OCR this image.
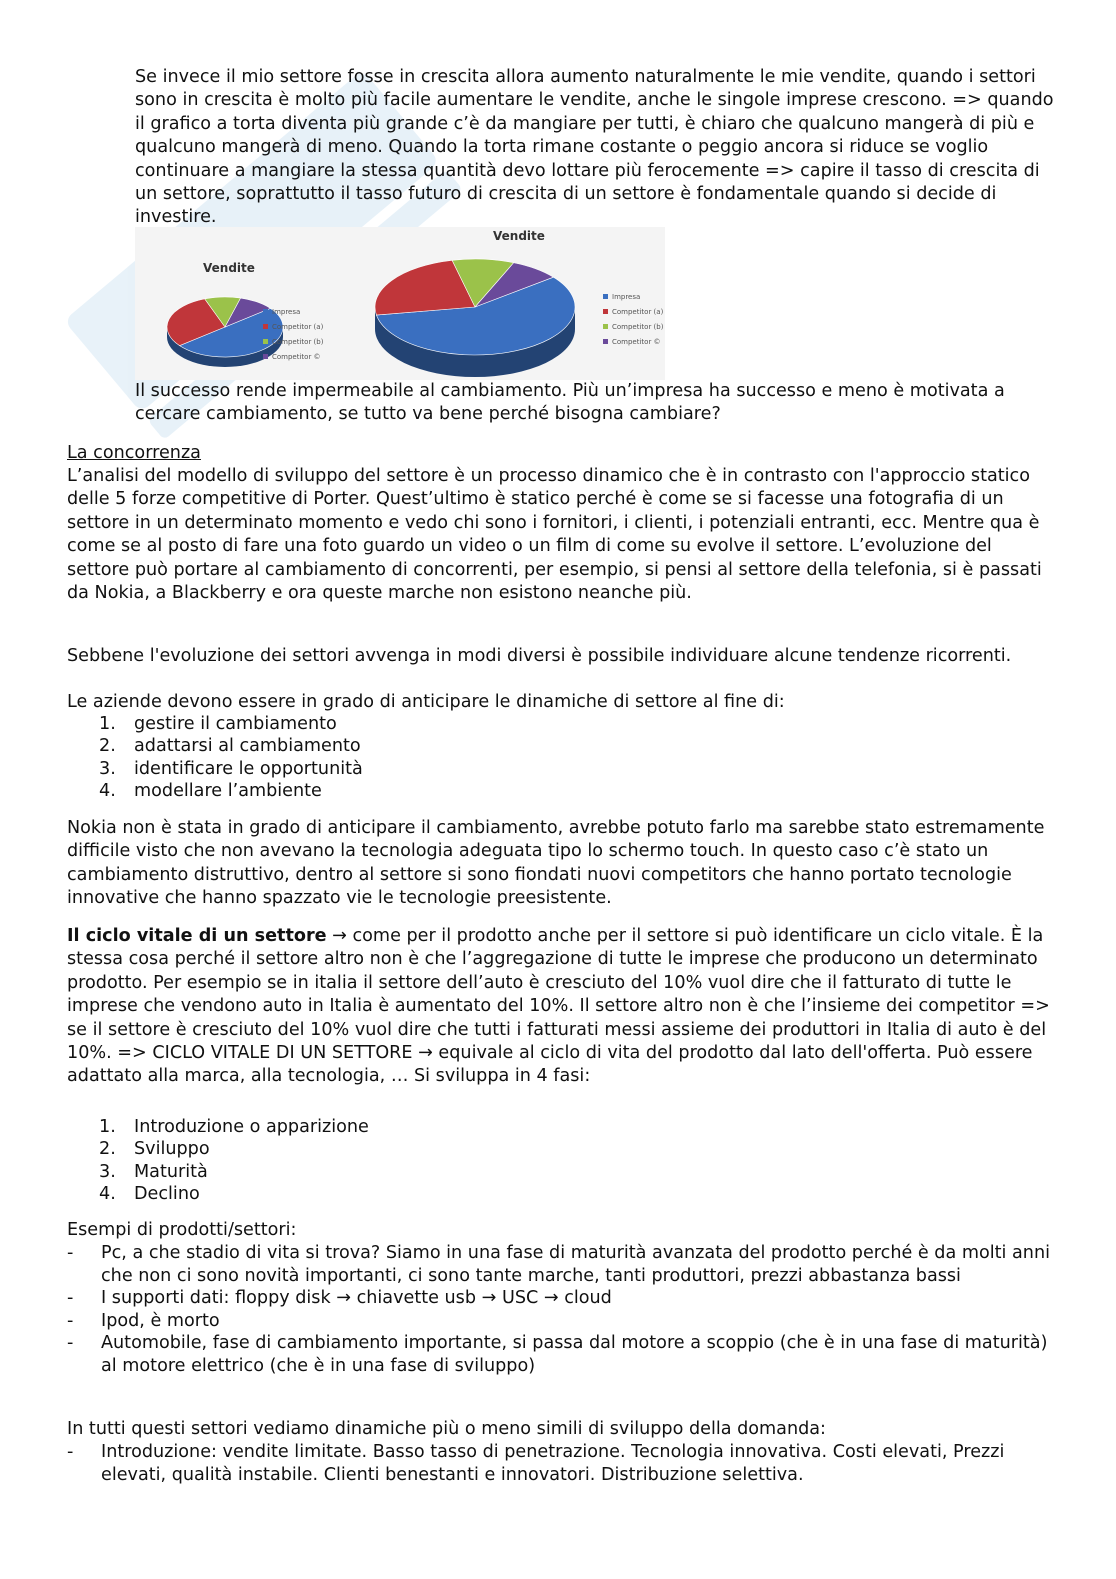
Se invece il mio settore fosse in crescita allora aumento naturalmente le mie vendite, quando i settori sono in crescita è molto più facile aumentare le vendite, anche le singole imprese crescono. => quando il grafico a torta diventa più grande c’è da mangiare per tutti, è chiaro che qualcuno mangerà di più e qualcuno mangerà di meno. Quando la torta rimane costante o peggio ancora si riduce se voglio continuare a mangiare la stessa quantità devo lottare più ferocemente => capire il tasso di crescita di un settore, soprattutto il tasso futuro di crescita di un settore è fondamentale quando si decide di investire.

Vendite
Impresa
Competitor (a)
Competitor (b)
Competitor ©
Vendite
Impresa
Competitor (a)
Competitor (b)
Competitor ©

Il successo rende impermeabile al cambiamento. Più un’impresa ha successo e meno è motivata a cercare cambiamento, se tutto va bene perché bisogna cambiare?

La concorrenza

L’analisi del modello di sviluppo del settore è un processo dinamico che è in contrasto con l'approccio statico delle 5 forze competitive di Porter. Quest’ultimo è statico perché è come se si facesse una fotografia di un settore in un determinato momento e vedo chi sono i fornitori, i clienti, i potenziali entranti, ecc. Mentre qua è come se al posto di fare una foto guardo un video o un film di come su evolve il settore. L’evoluzione del settore può portare al cambiamento di concorrenti, per esempio, si pensi al settore della telefonia, si è passati da Nokia, a Blackberry e ora queste marche non esistono neanche più.

Sebbene l'evoluzione dei settori avvenga in modi diversi è possibile individuare alcune tendenze ricorrenti.

Le aziende devono essere in grado di anticipare le dinamiche di settore al fine di:

1. gestire il cambiamento
2. adattarsi al cambiamento
3. identificare le opportunità
4. modellare l’ambiente

Nokia non è stata in grado di anticipare il cambiamento, avrebbe potuto farlo ma sarebbe stato estremamente difficile visto che non avevano la tecnologia adeguata tipo lo schermo touch. In questo caso c’è stato un cambiamento distruttivo, dentro al settore si sono fiondati nuovi competitors che hanno portato tecnologie innovative che hanno spazzato vie le tecnologie preesistente.

Il ciclo vitale di un settore → come per il prodotto anche per il settore si può identificare un ciclo vitale. È la stessa cosa perché il settore altro non è che l’aggregazione di tutte le imprese che producono un determinato prodotto. Per esempio se in italia il settore dell’auto è cresciuto del 10% vuol dire che il fatturato di tutte le imprese che vendono auto in Italia è aumentato del 10%. Il settore altro non è che l’insieme dei competitor => se il settore è cresciuto del 10% vuol dire che tutti i fatturati messi assieme dei produttori in Italia di auto è del 10%. => CICLO VITALE DI UN SETTORE → equivale al ciclo di vita del prodotto dal lato dell'offerta. Può essere adattato alla marca, alla tecnologia, … Si sviluppa in 4 fasi:

1. Introduzione o apparizione
2. Sviluppo
3. Maturità
4. Declino

Esempi di prodotti/settori:

- Pc, a che stadio di vita si trova? Siamo in una fase di maturità avanzata del prodotto perché è da molti anni che non ci sono novità importanti, ci sono tante marche, tanti produttori, prezzi abbastanza bassi
- I supporti dati: floppy disk → chiavette usb → USC → cloud
- Ipod, è morto
- Automobile, fase di cambiamento importante, si passa dal motore a scoppio (che è in una fase di maturità) al motore elettrico (che è in una fase di sviluppo)

In tutti questi settori vediamo dinamiche più o meno simili di sviluppo della domanda:

- Introduzione: vendite limitate. Basso tasso di penetrazione. Tecnologia innovativa. Costi elevati, Prezzi elevati, qualità instabile. Clienti benestanti e innovatori. Distribuzione selettiva.
